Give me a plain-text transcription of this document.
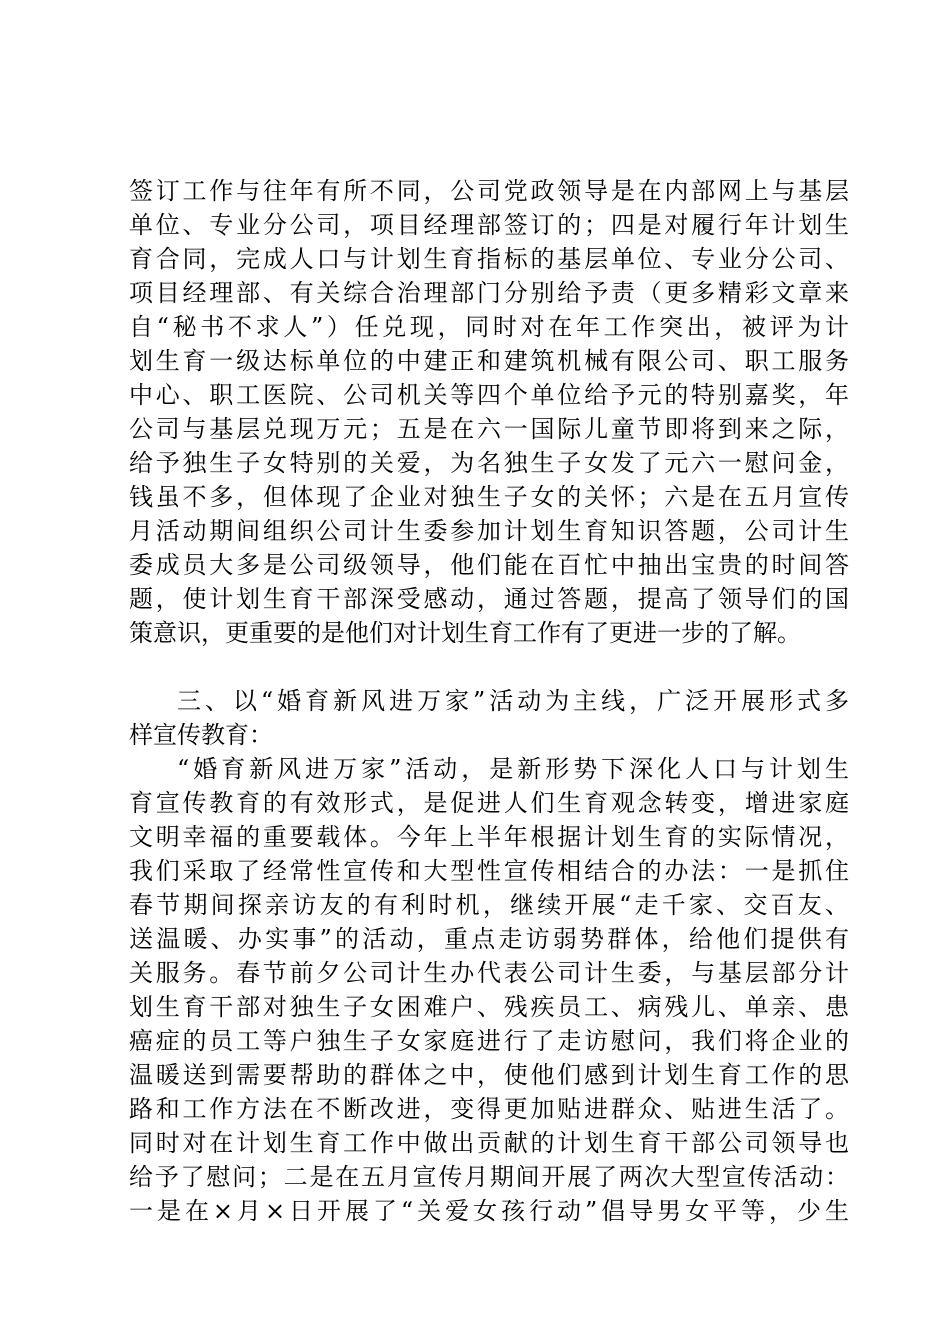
签订工作与往年有所不同，公司党政领导是在内部网上与基层
单位、专业分公司，项目经理部签订的；四是对履行年计划生
育合同，完成人口与计划生育指标的基层单位、专业分公司、
项目经理部、有关综合治理部门分别给予责（更多精彩文章来
自“秘书不求人”）任兑现，同时对在年工作突出，被评为计
划生育一级达标单位的中建正和建筑机械有限公司、职工服务
中心、职工医院、公司机关等四个单位给予元的特别嘉奖，年
公司与基层兑现万元；五是在六一国际儿童节即将到来之际，
给予独生子女特别的关爱，为名独生子女发了元六一慰问金，
钱虽不多，但体现了企业对独生子女的关怀；六是在五月宣传
月活动期间组织公司计生委参加计划生育知识答题，公司计生
委成员大多是公司级领导，他们能在百忙中抽出宝贵的时间答
题，使计划生育干部深受感动，通过答题，提高了领导们的国
策意识，更重要的是他们对计划生育工作有了更进一步的了解。
三、以“婚育新风进万家”活动为主线，广泛开展形式多
样宣传教育：
“婚育新风进万家”活动，是新形势下深化人口与计划生
育宣传教育的有效形式，是促进人们生育观念转变，增进家庭
文明幸福的重要载体。今年上半年根据计划生育的实际情况，
我们采取了经常性宣传和大型性宣传相结合的办法：一是抓住
春节期间探亲访友的有利时机，继续开展“走千家、交百友、
送温暖、办实事”的活动，重点走访弱势群体，给他们提供有
关服务。春节前夕公司计生办代表公司计生委，与基层部分计
划生育干部对独生子女困难户、残疾员工、病残儿、单亲、患
癌症的员工等户独生子女家庭进行了走访慰问，我们将企业的
温暖送到需要帮助的群体之中，使他们感到计划生育工作的思
路和工作方法在不断改进，变得更加贴进群众、贴进生活了。
同时对在计划生育工作中做出贡献的计划生育干部公司领导也
给予了慰问；二是在五月宣传月期间开展了两次大型宣传活动：
一是在×月×日开展了“关爱女孩行动”倡导男女平等，少生
